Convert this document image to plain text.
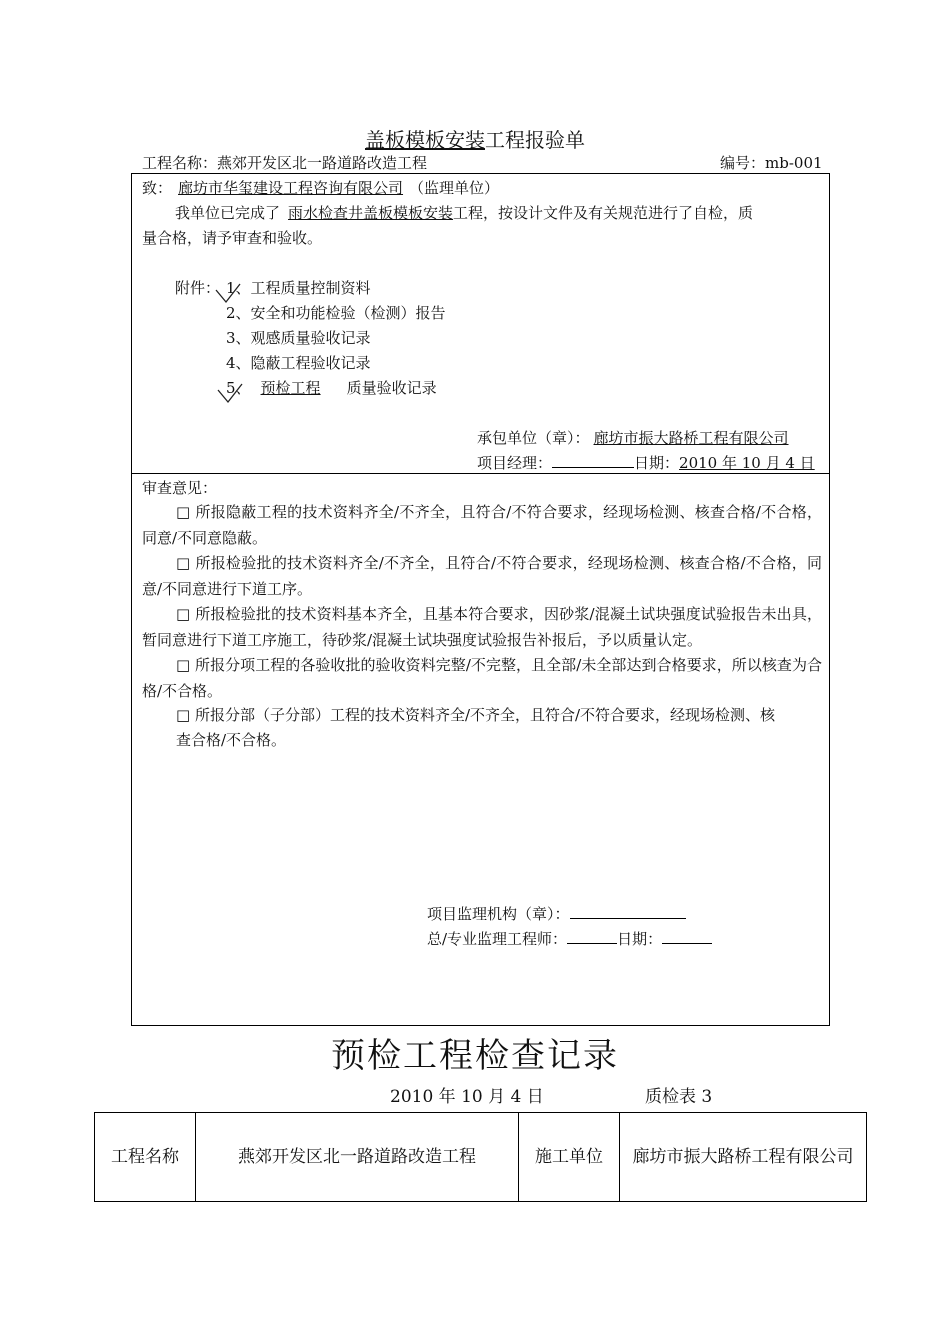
盖板模板安装工程报验单
工程名称：燕郊开发区北一路道路改造工程	编号：mb-001
致： 廊坊市华玺建设工程咨询有限公司 （监理单位）
我单位已完成了 雨水检查井盖板模板安装工程，按设计文件及有关规范进行了自检，质
量合格，请予审查和验收。
附件： 1、工程质量控制资料
2、安全和功能检验（检测）报告
3、观感质量验收记录
4、隐蔽工程验收记录
5、 预检工程 质量验收记录
承包单位（章）： 廊坊市振大路桥工程有限公司
项目经理：	日期：2010 年 10 月 4 日
审查意见：
□ 所报隐蔽工程的技术资料齐全/不齐全，且符合/不符合要求，经现场检测、核查合格/不合格，同意/不同意隐蔽。
□ 所报检验批的技术资料齐全/不齐全，且符合/不符合要求，经现场检测、核查合格/不合格，同意/不同意进行下道工序。
□ 所报检验批的技术资料基本齐全，且基本符合要求，因砂浆/混凝土试块强度试验报告未出具，暂同意进行下道工序施工，待砂浆/混凝土试块强度试验报告补报后，予以质量认定。
□ 所报分项工程的各验收批的验收资料完整/不完整，且全部/未全部达到合格要求，所以核查为合格/不合格。
□ 所报分部（子分部）工程的技术资料齐全/不齐全，且符合/不符合要求，经现场检测、核
查合格/不合格。
项目监理机构（章）：
总/专业监理工程师：	日期：
预检工程检查记录
2010 年 10 月 4 日	质检表 3
工程名称	燕郊开发区北一路道路改造工程	施工单位	廊坊市振大路桥工程有限公司
